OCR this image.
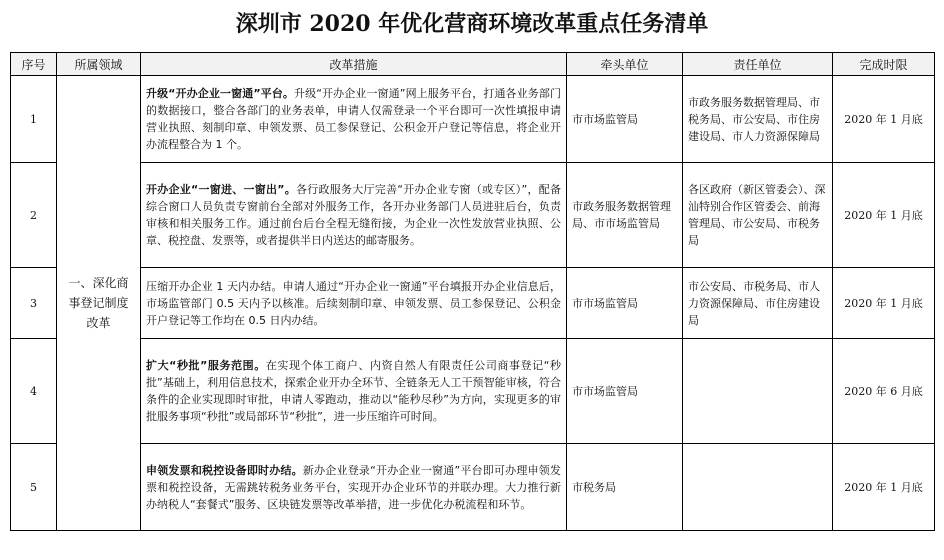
深圳市 2020 年优化营商环境改革重点任务清单
序号	所属领域	改革措施	牵头单位	责任单位	完成时限
1	一、深化商事登记制度改革	升级“开办企业一窗通”平台。升级“开办企业一窗通”网上服务平台，打通各业务部门的数据接口，整合各部门的业务表单，申请人仅需登录一个平台即可一次性填报申请营业执照、刻制印章、申领发票、员工参保登记、公积金开户登记等信息，将企业开办流程整合为 1 个。	市市场监管局	市政务服务数据管理局、市税务局、市公安局、市住房建设局、市人力资源保障局	2020 年 1 月底
2		开办企业“一窗进、一窗出”。各行政服务大厅完善“开办企业专窗（或专区）”，配备综合窗口人员负责专窗前台全部对外服务工作，各开办业务部门人员进驻后台，负责审核和相关服务工作。通过前台后台全程无缝衔接，为企业一次性发放营业执照、公章、税控盘、发票等，或者提供半日内送达的邮寄服务。	市政务服务数据管理局、市市场监管局	各区政府（新区管委会）、深汕特别合作区管委会、前海管理局、市公安局、市税务局	2020 年 1 月底
3		压缩开办企业 1 天内办结。申请人通过“开办企业一窗通”平台填报开办企业信息后，市场监管部门 0.5 天内予以核准。后续刻制印章、申领发票、员工参保登记、公积金开户登记等工作均在 0.5 日内办结。	市市场监管局	市公安局、市税务局、市人力资源保障局、市住房建设局	2020 年 1 月底
4		扩大“秒批”服务范围。在实现个体工商户、内资自然人有限责任公司商事登记“秒批”基础上，利用信息技术，探索企业开办全环节、全链条无人工干预智能审核，符合条件的企业实现即时审批，申请人零跑动，推动以“能秒尽秒”为方向，实现更多的审批服务事项“秒批”或局部环节“秒批”，进一步压缩许可时间。	市市场监管局		2020 年 6 月底
5		申领发票和税控设备即时办结。新办企业登录“开办企业一窗通”平台即可办理申领发票和税控设备，无需跳转税务业务平台，实现开办企业环节的并联办理。大力推行新办纳税人“套餐式”服务、区块链发票等改革举措，进一步优化办税流程和环节。	市税务局		2020 年 1 月底
